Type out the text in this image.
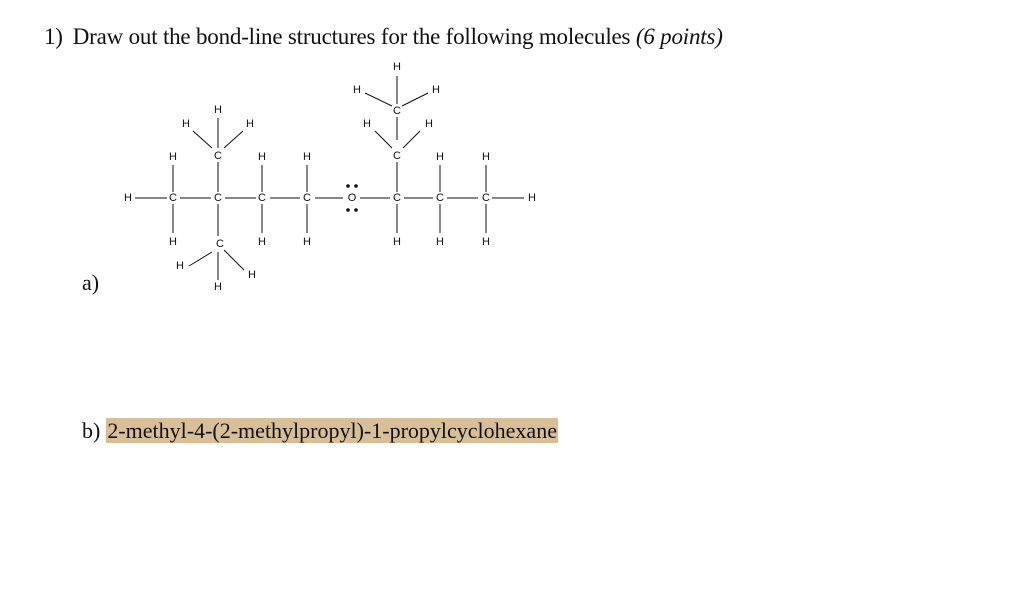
1) Draw out the bond-line structures for the following molecules (6 points)
H	C	C	C	C	O	C	C	C	H
H
H
H
H
H
H	H
H
H
H
H
C
H
H	H
C
H
H
H
C
H	H
C
H
H	H
a)
b) 2-methyl-4-(2-methylpropyl)-1-propylcyclohexane
